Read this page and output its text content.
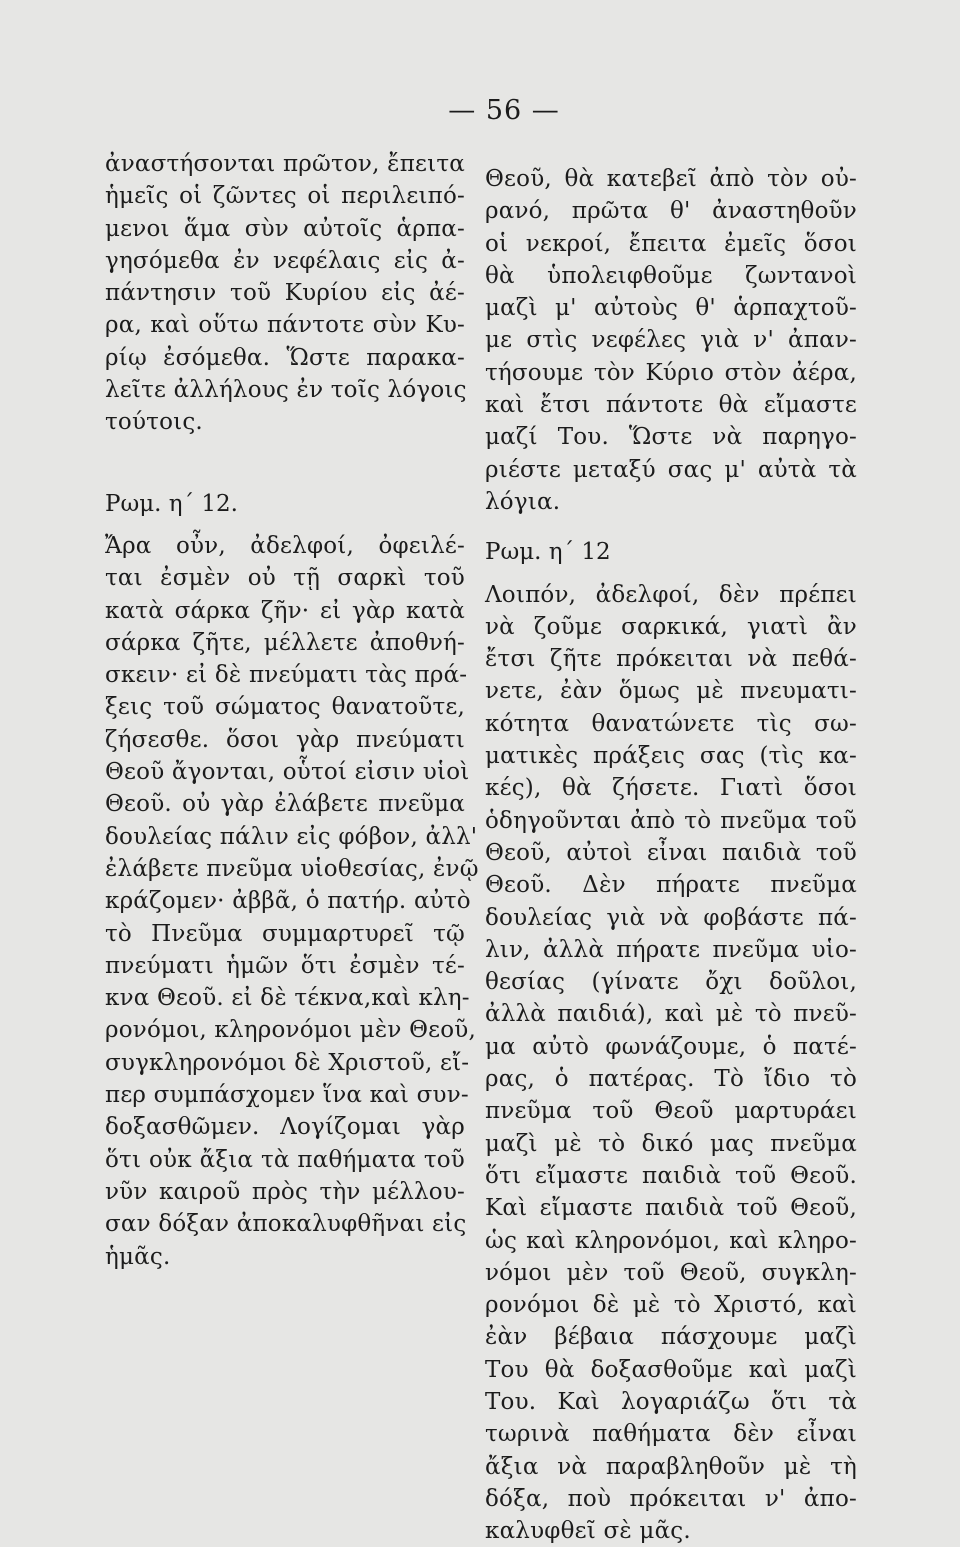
— 56 —
ἀναστήσονται πρῶτον, ἔπειτα
ἡμεῖς οἱ ζῶντες οἱ περιλειπό-
μενοι ἅμα σὺν αὐτοῖς ἁρπα-
γησόμεθα ἐν νεφέλαις εἰς ἀ-
πάντησιν τοῦ Κυρίου εἰς ἀέ-
ρα, καὶ οὕτω πάντοτε σὺν Κυ-
ρίῳ ἐσόμεθα. Ὥστε παρακα-
λεῖτε ἀλλήλους ἐν τοῖς λόγοις
τούτοις.
Ρωμ. η΄ 12.
Ἄρα οὖν, ἀδελφοί, ὀφειλέ-
ται ἐσμὲν οὐ τῇ σαρκὶ τοῦ
κατὰ σάρκα ζῆν· εἰ γὰρ κατὰ
σάρκα ζῆτε, μέλλετε ἀποθνή-
σκειν· εἰ δὲ πνεύματι τὰς πρά-
ξεις τοῦ σώματος θανατοῦτε,
ζήσεσθε. ὅσοι γὰρ πνεύματι
Θεοῦ ἄγονται, οὗτοί εἰσιν υἱοὶ
Θεοῦ. οὐ γὰρ ἐλάβετε πνεῦμα
δουλείας πάλιν εἰς φόβον, ἀλλ'
ἐλάβετε πνεῦμα υἱοθεσίας, ἐνῷ
κράζομεν· ἀββᾶ, ὁ πατήρ. αὐτὸ
τὸ Πνεῦμα συμμαρτυρεῖ τῷ
πνεύματι ἡμῶν ὅτι ἐσμὲν τέ-
κνα Θεοῦ. εἰ δὲ τέκνα,καὶ κλη-
ρονόμοι, κληρονόμοι μὲν Θεοῦ,
συγκληρονόμοι δὲ Χριστοῦ, εἴ-
περ συμπάσχομεν ἵνα καὶ συν-
δοξασθῶμεν. Λογίζομαι γὰρ
ὅτι οὐκ ἄξια τὰ παθήματα τοῦ
νῦν καιροῦ πρὸς τὴν μέλλου-
σαν δόξαν ἀποκαλυφθῆναι εἰς
ἡμᾶς.
Θεοῦ, θὰ κατεβεῖ ἀπὸ τὸν οὐ-
ρανό, πρῶτα θ' ἀναστηθοῦν
οἱ νεκροί, ἔπειτα ἐμεῖς ὅσοι
θὰ ὑπολειφθοῦμε ζωντανοὶ
μαζὶ μ' αὐτοὺς θ' ἁρπαχτοῦ-
με στὶς νεφέλες γιὰ ν' ἀπαν-
τήσουμε τὸν Κύριο στὸν ἀέρα,
καὶ ἔτσι πάντοτε θὰ εἴμαστε
μαζί Του. Ὥστε νὰ παρηγο-
ριέστε μεταξύ σας μ' αὐτὰ τὰ
λόγια.
Ρωμ. η΄ 12
Λοιπόν, ἀδελφοί, δὲν πρέπει
νὰ ζοῦμε σαρκικά, γιατὶ ἂν
ἔτσι ζῆτε πρόκειται νὰ πεθά-
νετε, ἐὰν ὅμως μὲ πνευματι-
κότητα θανατώνετε τὶς σω-
ματικὲς πράξεις σας (τὶς κα-
κές), θὰ ζήσετε. Γιατὶ ὅσοι
ὁδηγοῦνται ἀπὸ τὸ πνεῦμα τοῦ
Θεοῦ, αὐτοὶ εἶναι παιδιὰ τοῦ
Θεοῦ. Δὲν πήρατε πνεῦμα
δουλείας γιὰ νὰ φοβάστε πά-
λιν, ἀλλὰ πήρατε πνεῦμα υἱο-
θεσίας (γίνατε ὄχι δοῦλοι,
ἀλλὰ παιδιά), καὶ μὲ τὸ πνεῦ-
μα αὐτὸ φωνάζουμε, ὁ πατέ-
ρας, ὁ πατέρας. Τὸ ἴδιο τὸ
πνεῦμα τοῦ Θεοῦ μαρτυράει
μαζὶ μὲ τὸ δικό μας πνεῦμα
ὅτι εἴμαστε παιδιὰ τοῦ Θεοῦ.
Καὶ εἴμαστε παιδιὰ τοῦ Θεοῦ,
ὡς καὶ κληρονόμοι, καὶ κληρο-
νόμοι μὲν τοῦ Θεοῦ, συγκλη-
ρονόμοι δὲ μὲ τὸ Χριστό, καὶ
ἐὰν βέβαια πάσχουμε μαζὶ
Του θὰ δοξασθοῦμε καὶ μαζὶ
Του. Καὶ λογαριάζω ὅτι τὰ
τωρινὰ παθήματα δὲν εἶναι
ἄξια νὰ παραβληθοῦν μὲ τὴ
δόξα, ποὺ πρόκειται ν' ἀπο-
καλυφθεῖ σὲ μᾶς.
